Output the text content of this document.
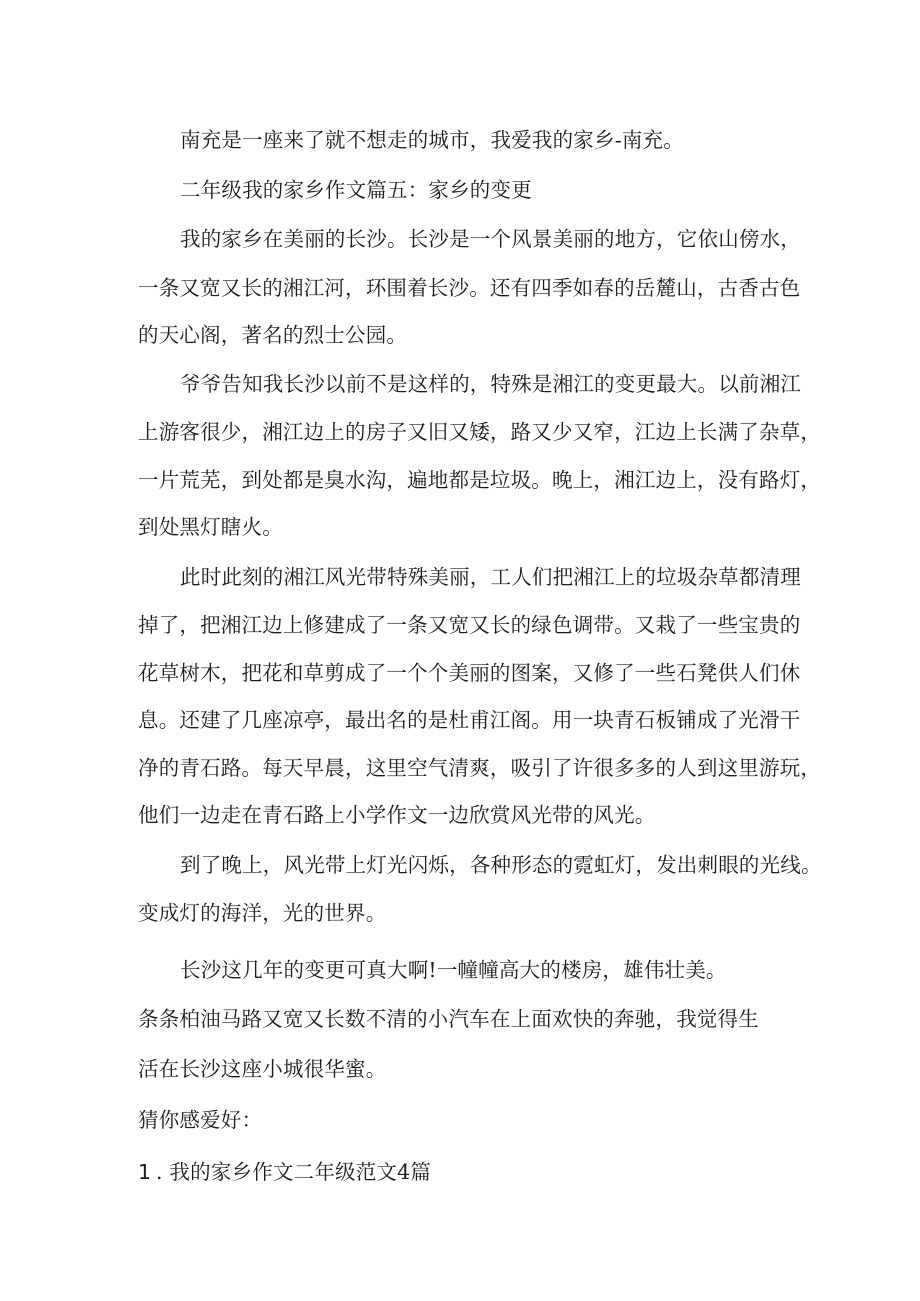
南充是一座来了就不想走的城市，我爱我的家乡-南充。
二年级我的家乡作文篇五：家乡的变更
我的家乡在美丽的长沙。长沙是一个风景美丽的地方，它依山傍水，
一条又宽又长的湘江河，环围着长沙。还有四季如春的岳麓山，古香古色
的天心阁，著名的烈士公园。
爷爷告知我长沙以前不是这样的，特殊是湘江的变更最大。以前湘江
上游客很少，湘江边上的房子又旧又矮，路又少又窄，江边上长满了杂草，
一片荒芜，到处都是臭水沟，遍地都是垃圾。晚上，湘江边上，没有路灯，
到处黑灯瞎火。
此时此刻的湘江风光带特殊美丽，工人们把湘江上的垃圾杂草都清理
掉了，把湘江边上修建成了一条又宽又长的绿色调带。又栽了一些宝贵的
花草树木，把花和草剪成了一个个美丽的图案，又修了一些石凳供人们休
息。还建了几座凉亭，最出名的是杜甫江阁。用一块青石板铺成了光滑干
净的青石路。每天早晨，这里空气清爽，吸引了许很多多的人到这里游玩，
他们一边走在青石路上小学作文一边欣赏风光带的风光。
到了晚上，风光带上灯光闪烁，各种形态的霓虹灯，发出刺眼的光线。
变成灯的海洋，光的世界。
长沙这几年的变更可真大啊!一幢幢高大的楼房，雄伟壮美。
条条柏油马路又宽又长数不清的小汽车在上面欢快的奔驰，我觉得生
活在长沙这座小城很华蜜。
猜你感爱好：
1 . 我的家乡作文二年级范文4篇
